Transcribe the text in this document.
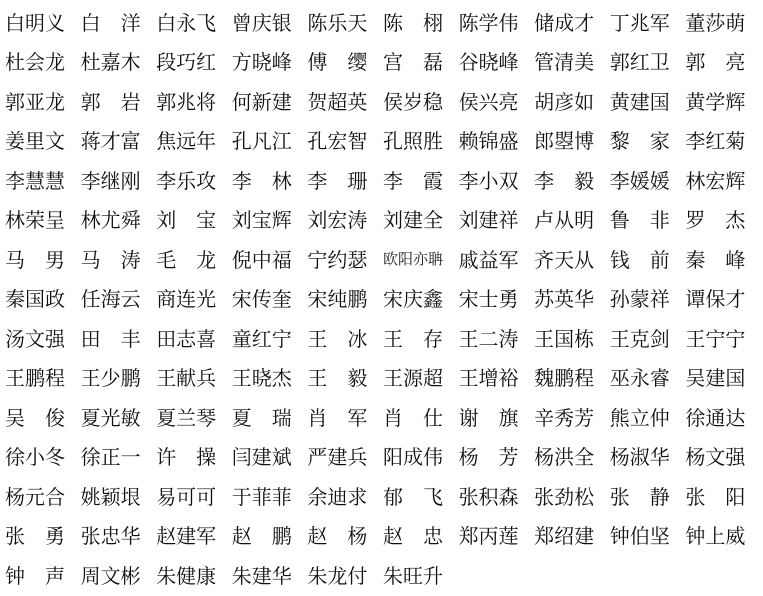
白明义 白　洋 白永飞 曾庆银 陈乐天 陈　栩 陈学伟 储成才 丁兆军 董莎萌
杜会龙 杜嘉木 段巧红 方晓峰 傅　缨 宫　磊 谷晓峰 管清美 郭红卫 郭　亮
郭亚龙 郭　岩 郭兆将 何新建 贺超英 侯岁稳 侯兴亮 胡彦如 黄建国 黄学辉
姜里文 蒋才富 焦远年 孔凡江 孔宏智 孔照胜 赖锦盛 郎曌博 黎　家 李红菊
李慧慧 李继刚 李乐攻 李　林 李　珊 李　霞 李小双 李　毅 李媛媛 林宏辉
林荣呈 林尤舜 刘　宝 刘宝辉 刘宏涛 刘建全 刘建祥 卢从明 鲁　非 罗　杰
马　男 马　涛 毛　龙 倪中福 宁约瑟	欧阳亦聃 戚益军 齐天从 钱　前 秦　峰
秦国政 任海云 商连光 宋传奎 宋纯鹏 宋庆鑫 宋士勇 苏英华 孙蒙祥 谭保才
汤文强 田　丰 田志喜 童红宁 王　冰 王　存 王二涛 王国栋 王克剑 王宁宁
王鹏程 王少鹏 王献兵 王晓杰 王　毅 王源超 王增裕 魏鹏程 巫永睿 吴建国
吴　俊 夏光敏 夏兰琴 夏　瑞 肖　军 肖　仕 谢　旗 辛秀芳 熊立仲 徐通达
徐小冬 徐正一 许　操 闫建斌 严建兵 阳成伟 杨　芳 杨洪全 杨淑华 杨文强
杨元合 姚颖垠 易可可 于菲菲 余迪求 郁　飞 张积森 张劲松 张　静 张　阳
张　勇 张忠华 赵建军 赵　鹏 赵　杨 赵　忠 郑丙莲 郑绍建 钟伯坚 钟上威
钟　声 周文彬 朱健康 朱建华 朱龙付 朱旺升
